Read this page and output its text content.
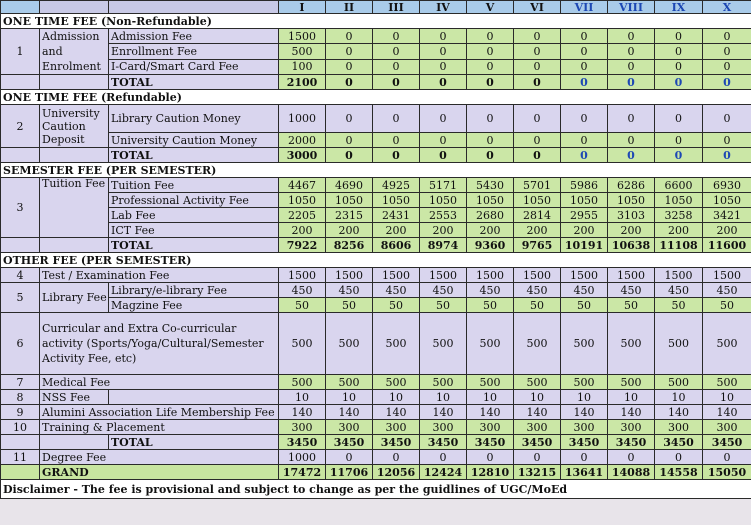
			I	II	III	IV	V	VI	VII	VIII	IX	X
ONE TIME FEE (Non-Refundable)												
1	Admission and Enrolment	Admission Fee	1500	0	0	0	0	0	0	0	0	0
		Enrollment Fee	500	0	0	0	0	0	0	0	0	0
		I-Card/Smart Card Fee	100	0	0	0	0	0	0	0	0	0
		TOTAL	2100	0	0	0	0	0	0	0	0	0
ONE TIME FEE (Refundable)												
2	University Caution Deposit	Library Caution Money	1000	0	0	0	0	0	0	0	0	0
		University Caution Money	2000	0	0	0	0	0	0	0	0	0
		TOTAL	3000	0	0	0	0	0	0	0	0	0
SEMESTER FEE (PER SEMESTER)												
3	Tuition Fee	Tuition Fee	4467	4690	4925	5171	5430	5701	5986	6286	6600	6930
		Professional Activity Fee	1050	1050	1050	1050	1050	1050	1050	1050	1050	1050
		Lab Fee	2205	2315	2431	2553	2680	2814	2955	3103	3258	3421
		ICT Fee	200	200	200	200	200	200	200	200	200	200
		TOTAL	7922	8256	8606	8974	9360	9765	10191	10638	11108	11600
OTHER FEE (PER SEMESTER)												
4	Test / Examination Fee		1500	1500	1500	1500	1500	1500	1500	1500	1500	1500
5	Library Fee	Library/e-library Fee	450	450	450	450	450	450	450	450	450	450
		Magzine Fee	50	50	50	50	50	50	50	50	50	50
6	Curricular and Extra Co-curricular activity (Sports/Yoga/Cultural/Semester Activity Fee, etc)		500	500	500	500	500	500	500	500	500	500
7	Medical Fee		500	500	500	500	500	500	500	500	500	500
8	NSS Fee		10	10	10	10	10	10	10	10	10	10
9	Alumini Association Life Membership Fee		140	140	140	140	140	140	140	140	140	140
10	Training & Placement		300	300	300	300	300	300	300	300	300	300
		TOTAL	3450	3450	3450	3450	3450	3450	3450	3450	3450	3450
11	Degree Fee		1000	0	0	0	0	0	0	0	0	0
	GRAND		17472	11706	12056	12424	12810	13215	13641	14088	14558	15050
Disclaimer - The fee is provisional and subject to change as per the guidlines of UGC/MoEd												
